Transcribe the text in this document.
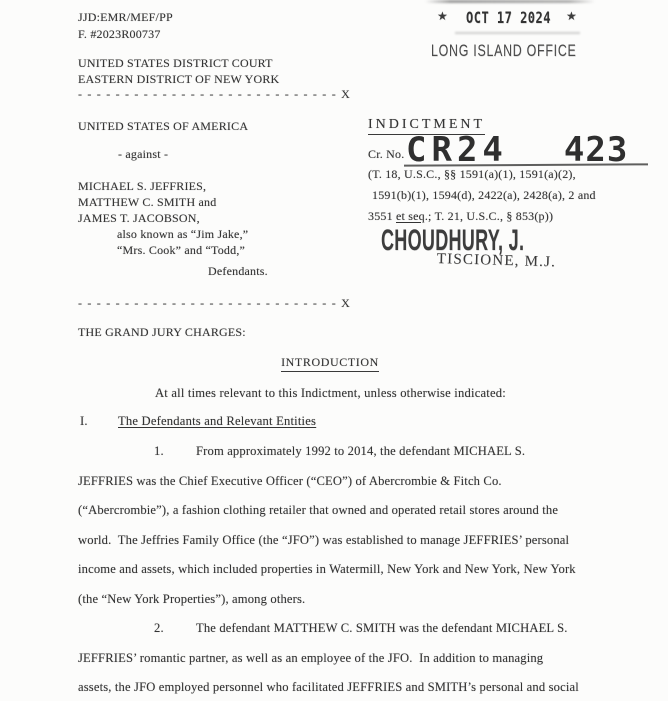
JJD:EMR/MEF/PP
F. #2023R00737
UNITED STATES DISTRICT COURT
EASTERN DISTRICT OF NEW YORK
- - - - - - - - - - - - - - - - - - - - - - - - - - - - X
UNITED STATES OF AMERICA
- against -
MICHAEL S. JEFFRIES,
MATTHEW C. SMITH and
JAMES T. JACOBSON,
also known as “Jim Jake,”
“Mrs. Cook” and “Todd,”
Defendants.
- - - - - - - - - - - - - - - - - - - - - - - - - - - - X
★ OCT 17 2024 ★
LONG ISLAND OFFICE
INDICTMENT
Cr. No. CR24 423
(T. 18, U.S.C., §§ 1591(a)(1), 1591(a)(2),
1591(b)(1), 1594(d), 2422(a), 2428(a), 2 and
3551 et seq.; T. 21, U.S.C., § 853(p))
CHOUDHURY, J.
TISCIONE, M.J.
THE GRAND JURY CHARGES:
INTRODUCTION
At all times relevant to this Indictment, unless otherwise indicated:
I. The Defendants and Relevant Entities
1.	From approximately 1992 to 2014, the defendant MICHAEL S.
JEFFRIES was the Chief Executive Officer (“CEO”) of Abercrombie & Fitch Co.
(“Abercrombie”), a fashion clothing retailer that owned and operated retail stores around the
world.  The Jeffries Family Office (the “JFO”) was established to manage JEFFRIES’ personal
income and assets, which included properties in Watermill, New York and New York, New York
(the “New York Properties”), among others.
2.	The defendant MATTHEW C. SMITH was the defendant MICHAEL S.
JEFFRIES’ romantic partner, as well as an employee of the JFO.  In addition to managing
assets, the JFO employed personnel who facilitated JEFFRIES and SMITH’s personal and social
